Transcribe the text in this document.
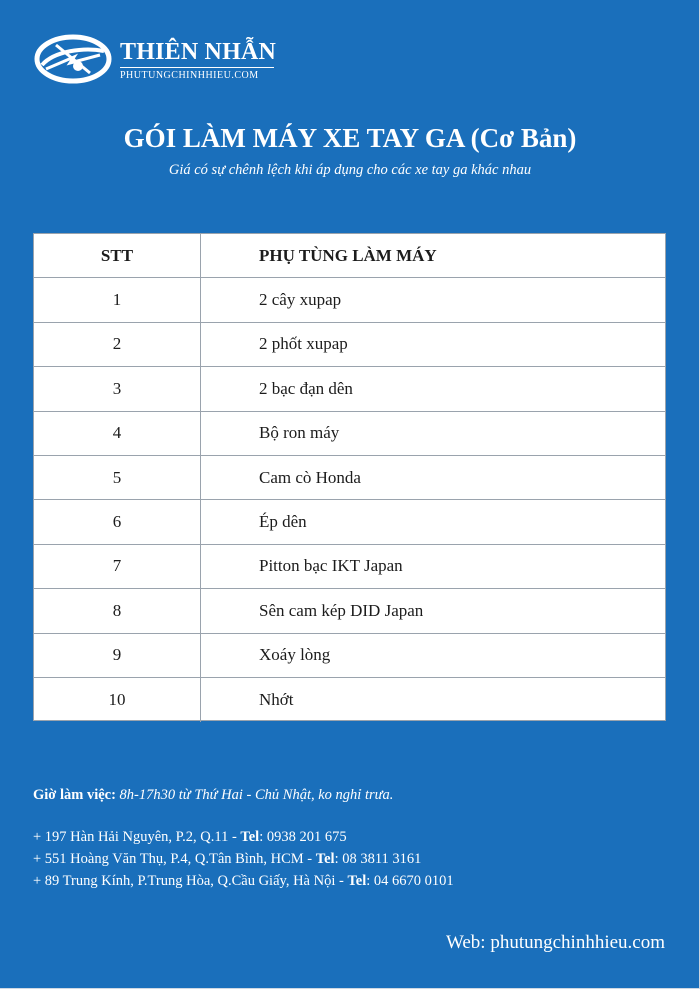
THIÊN NHẪN
PHUTUNGCHINHHIEU.COM
GÓI LÀM MÁY XE TAY GA (Cơ Bản)
Giá có sự chênh lệch khi áp dụng cho các xe tay ga khác nhau
STT	PHỤ TÙNG LÀM MÁY
1	2 cây xupap
2	2 phốt xupap
3	2 bạc đạn dên
4	Bộ ron máy
5	Cam cò Honda
6	Ép dên
7	Pitton bạc IKT Japan
8	Sên cam kép DID Japan
9	Xoáy lòng
10	Nhớt
Giờ làm việc: 8h-17h30 từ Thứ Hai - Chủ Nhật, ko nghỉ trưa.
+ 197 Hàn Hải Nguyên, P.2, Q.11 - Tel: 0938 201 675
+ 551 Hoàng Văn Thụ, P.4, Q.Tân Bình, HCM - Tel: 08 3811 3161
+ 89 Trung Kính, P.Trung Hòa, Q.Cầu Giấy, Hà Nội - Tel: 04 6670 0101
Web: phutungchinhhieu.com
